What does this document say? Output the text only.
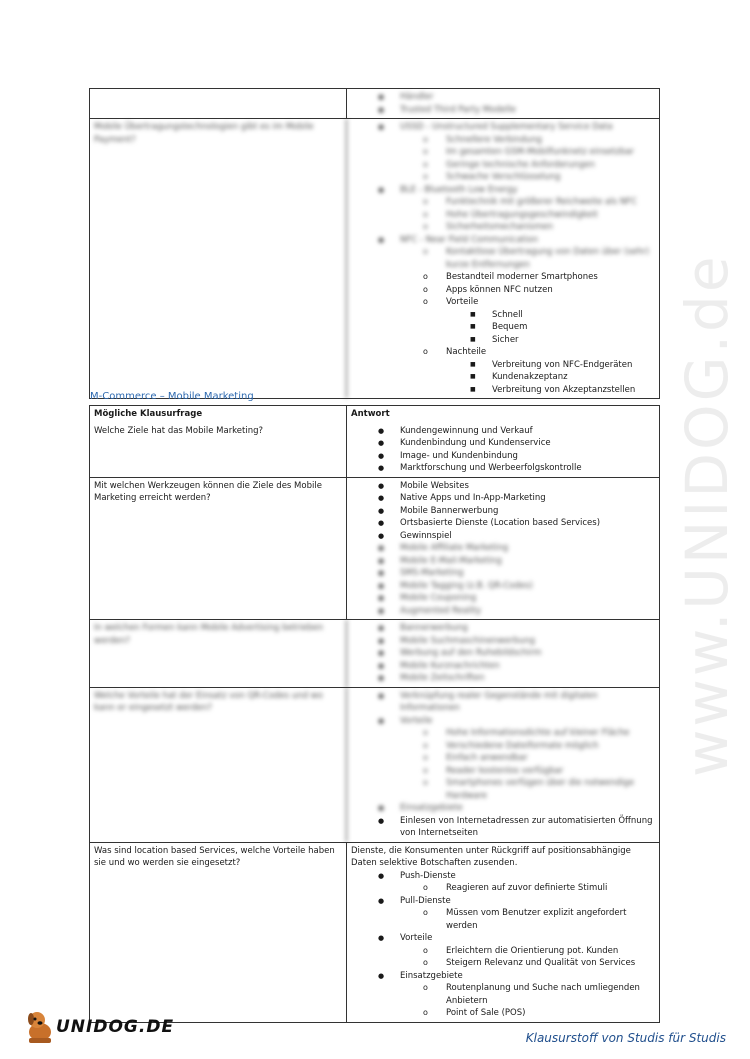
www.UNIDOG.de
● Händler
● Trusted Third Party Modelle
Mobile Übertragungstechnologien gibt es im Mobile Payment?
● USSD - Unstructured Supplementary Service Data
o Schnellere Verbindung
o Im gesamten GSM-Mobilfunknetz einsetzbar
o Geringe technische Anforderungen
o Schwache Verschlüsselung
● BLE - Bluetooth Low Energy
o Funktechnik mit größerer Reichweite als NFC
o Hohe Übertragungsgeschwindigkeit
o Sicherheitsmechanismen
● NFC - Near Field Communication
o Kontaktlose Übertragung von Daten über (sehr) kurze Entfernungen
o Bestandteil moderner Smartphones
o Apps können NFC nutzen
o Vorteile
■ Schnell
■ Bequem
■ Sicher
o Nachteile
■ Verbreitung von NFC-Endgeräten
■ Kundenakzeptanz
■ Verbreitung von Akzeptanzstellen
M-Commerce – Mobile Marketing
Mögliche Klausurfrage	Antwort
Welche Ziele hat das Mobile Marketing?	● Kundengewinnung und Verkauf
● Kundenbindung und Kundenservice
● Image- und Kundenbindung
● Marktforschung und Werbeerfolgskontrolle
Mit welchen Werkzeugen können die Ziele des Mobile Marketing erreicht werden?
● Mobile Websites
● Native Apps und In-App-Marketing
● Mobile Bannerwerbung
● Ortsbasierte Dienste (Location based Services)
● Gewinnspiel
● Mobile Affiliate Marketing
● Mobile E-Mail-Marketing
● SMS-Marketing
● Mobile Tagging (z.B. QR-Codes)
● Mobile Couponing
● Augmented Reality
In welchen Formen kann Mobile Advertising betrieben werden?
● Bannerwerbung
● Mobile Suchmaschinenwerbung
● Werbung auf den Ruhebildschirm
● Mobile Kurznachrichten
● Mobile Zeitschriften
Welche Vorteile hat der Einsatz von QR-Codes und wo kann er eingesetzt werden?
● Verknüpfung realer Gegenstände mit digitalen Informationen
● Vorteile
o Hohe Informationsdichte auf kleiner Fläche
o Verschiedene Dateiformate möglich
o Einfach anwendbar
o Reader kostenlos verfügbar
o Smartphones verfügen über die notwendige Hardware
● Einsatzgebiete
● Einlesen von Internetadressen zur automatisierten Öffnung von Internetseiten
Was sind location based Services, welche Vorteile haben sie und wo werden sie eingesetzt?
Dienste, die Konsumenten unter Rückgriff auf positionsabhängige Daten selektive Botschaften zusenden.
● Push-Dienste
o Reagieren auf zuvor definierte Stimuli
● Pull-Dienste
o Müssen vom Benutzer explizit angefordert werden
● Vorteile
o Erleichtern die Orientierung pot. Kunden
o Steigern Relevanz und Qualität von Services
● Einsatzgebiete
o Routenplanung und Suche nach umliegenden Anbietern
o Point of Sale (POS)
UNIDOG.DE
Klausurstoff von Studis für Studis
